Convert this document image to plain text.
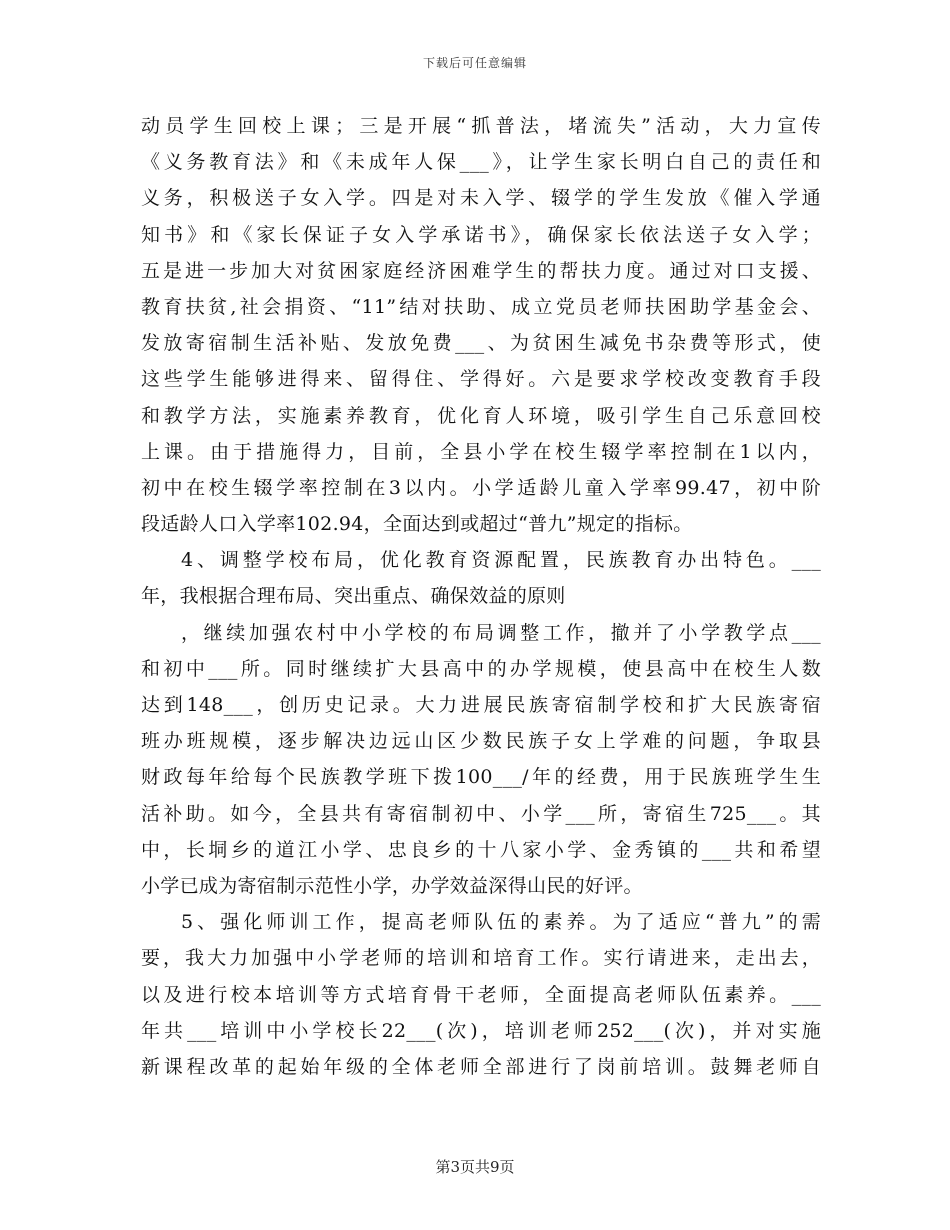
下载后可任意编辑
动员学生回校上课；三是开展“抓普法，堵流失”活动，大力宣传
《义务教育法》和《未成年人保___》，让学生家长明白自己的责任和
义务，积极送子女入学。四是对未入学、辍学的学生发放《催入学通
知书》和《家长保证子女入学承诺书》，确保家长依法送子女入学；
五是进一步加大对贫困家庭经济困难学生的帮扶力度。通过对口支援、
教育扶贫,社会捐资、“11”结对扶助、成立党员老师扶困助学基金会、
发放寄宿制生活补贴、发放免费___、为贫困生减免书杂费等形式，使
这些学生能够进得来、留得住、学得好。六是要求学校改变教育手段
和教学方法，实施素养教育，优化育人环境，吸引学生自己乐意回校
上课。由于措施得力，目前，全县小学在校生辍学率控制在1以内，
初中在校生辍学率控制在3以内。小学适龄儿童入学率99.47，初中阶
段适龄人口入学率102.94，全面达到或超过“普九”规定的指标。
4、调整学校布局，优化教育资源配置，民族教育办出特色。___
年，我根据合理布局、突出重点、确保效益的原则
，继续加强农村中小学校的布局调整工作，撤并了小学教学点___
和初中___所。同时继续扩大县高中的办学规模，使县高中在校生人数
达到148___，创历史记录。大力进展民族寄宿制学校和扩大民族寄宿
班办班规模，逐步解决边远山区少数民族子女上学难的问题，争取县
财政每年给每个民族教学班下拨100___/年的经费，用于民族班学生生
活补助。如今，全县共有寄宿制初中、小学___所，寄宿生725___。其
中，长垌乡的道江小学、忠良乡的十八家小学、金秀镇的___共和希望
小学已成为寄宿制示范性小学，办学效益深得山民的好评。
5、强化师训工作，提高老师队伍的素养。为了适应“普九”的需
要，我大力加强中小学老师的培训和培育工作。实行请进来，走出去，
以及进行校本培训等方式培育骨干老师，全面提高老师队伍素养。___
年共___培训中小学校长22___(次)，培训老师252___(次)，并对实施
新课程改革的起始年级的全体老师全部进行了岗前培训。鼓舞老师自
第3页共9页
